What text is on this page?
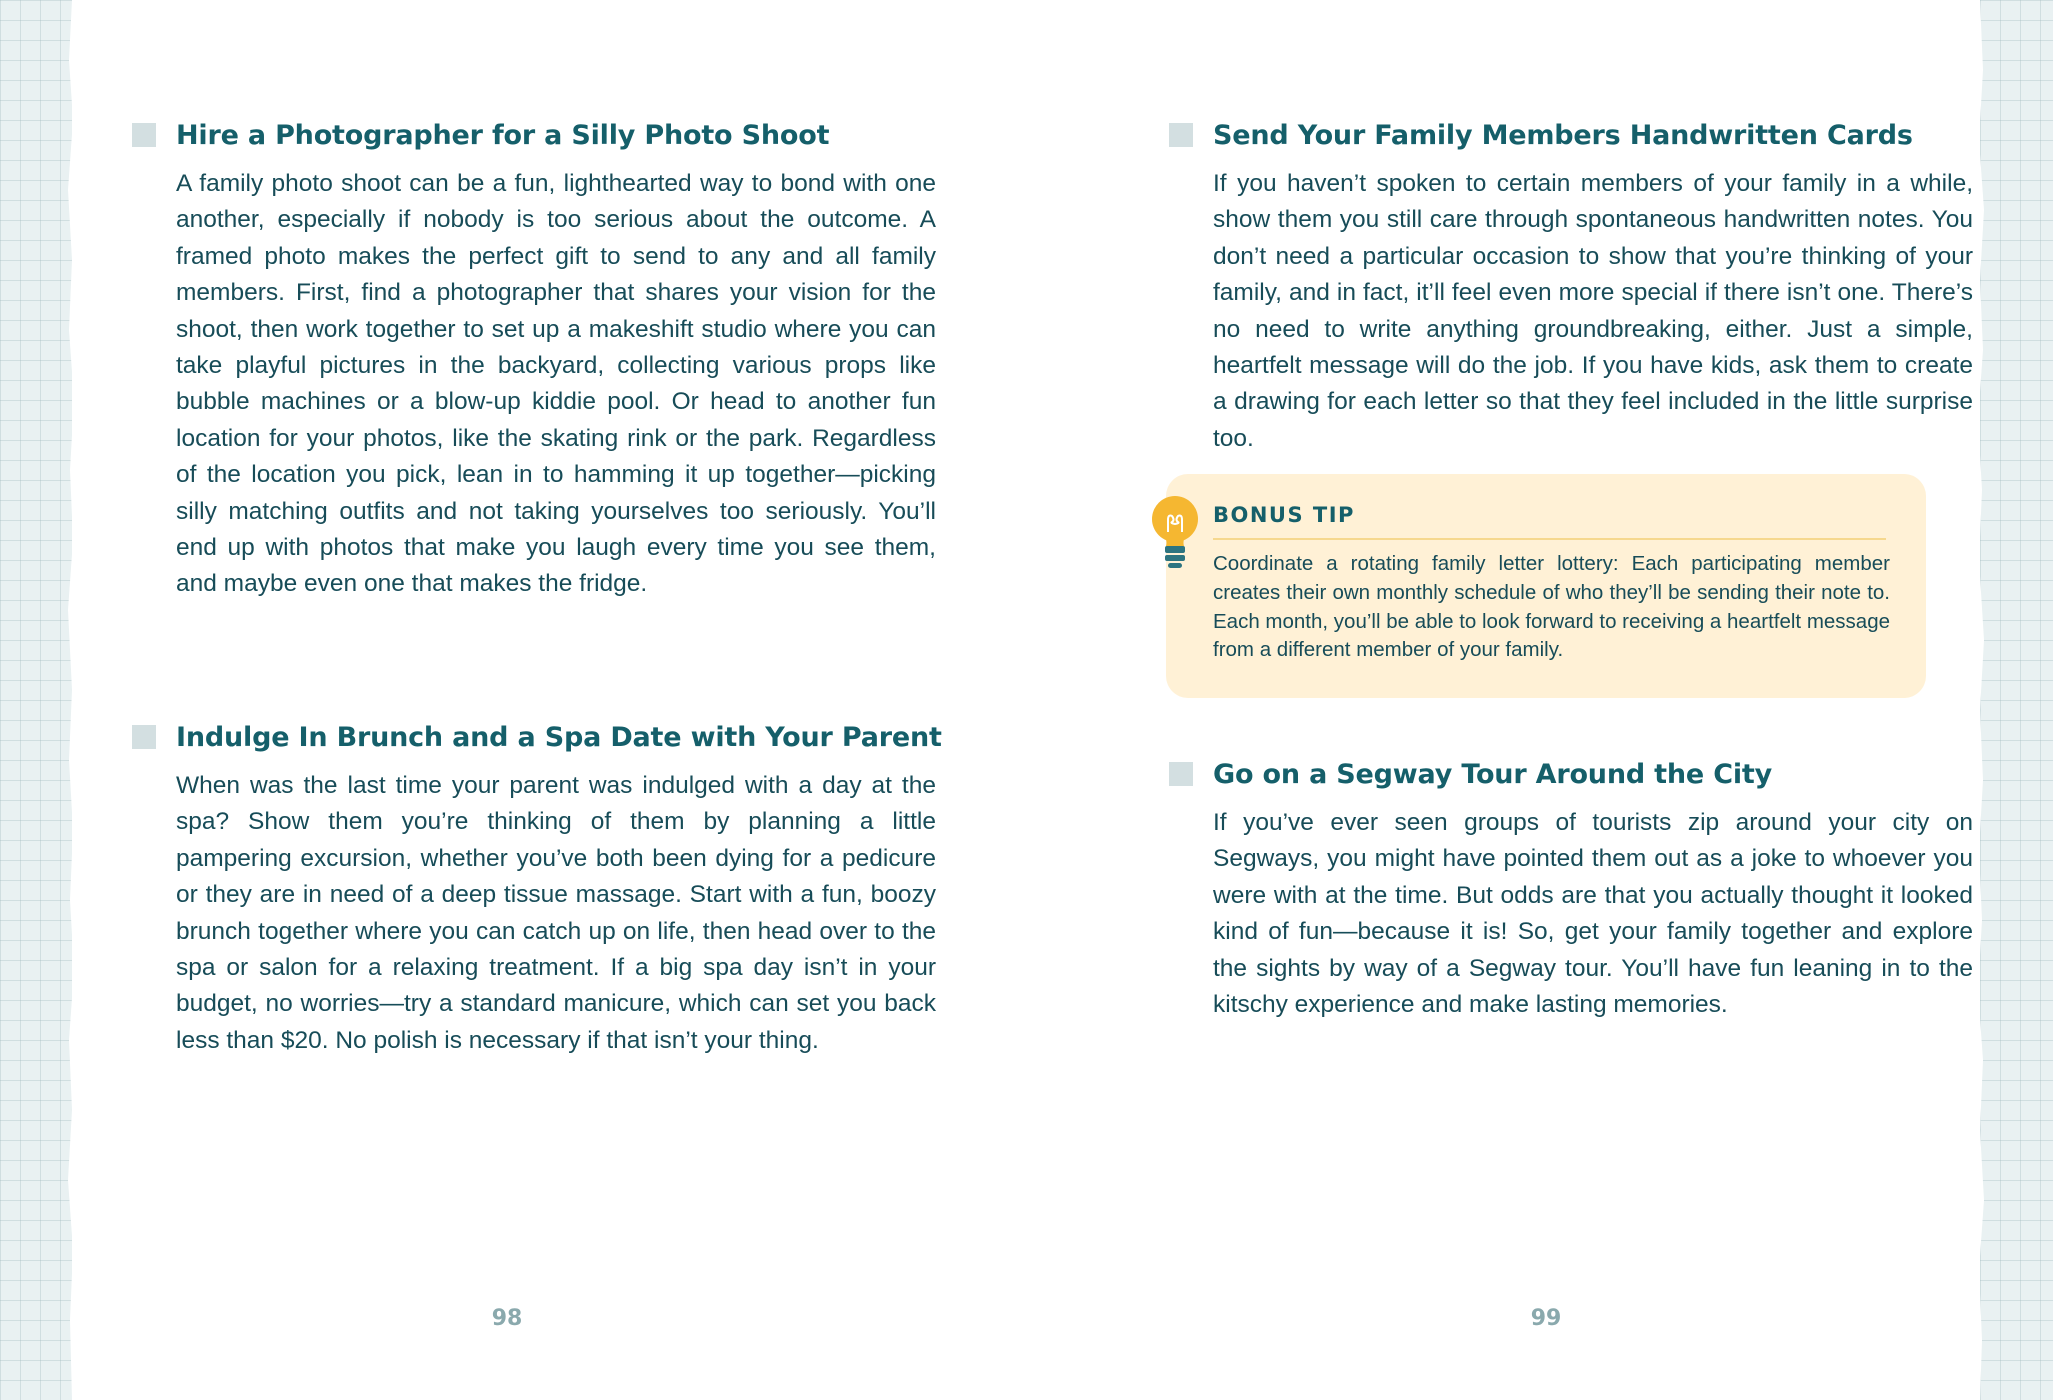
Hire a Photographer for a Silly Photo Shoot

A family photo shoot can be a fun, lighthearted way to bond with one another, especially if nobody is too serious about the outcome. A framed photo makes the perfect gift to send to any and all family members. First, find a photographer that shares your vision for the shoot, then work together to set up a makeshift studio where you can take playful pictures in the backyard, collecting various props like bubble machines or a blow-up kiddie pool. Or head to another fun location for your photos, like the skating rink or the park. Regardless of the location you pick, lean in to hamming it up together—picking silly matching outfits and not taking yourselves too seriously. You’ll end up with photos that make you laugh every time you see them, and maybe even one that makes the fridge.

Indulge In Brunch and a Spa Date with Your Parent

When was the last time your parent was indulged with a day at the spa? Show them you’re thinking of them by planning a little pampering excursion, whether you’ve both been dying for a pedicure or they are in need of a deep tissue massage. Start with a fun, boozy brunch together where you can catch up on life, then head over to the spa or salon for a relaxing treatment. If a big spa day isn’t in your budget, no worries—try a standard manicure, which can set you back less than $20. No polish is necessary if that isn’t your thing.

98
Send Your Family Members Handwritten Cards

If you haven’t spoken to certain members of your family in a while, show them you still care through spontaneous handwritten notes. You don’t need a particular occasion to show that you’re thinking of your family, and in fact, it’ll feel even more special if there isn’t one. There’s no need to write anything groundbreaking, either. Just a simple, heartfelt message will do the job. If you have kids, ask them to create a drawing for each letter so that they feel included in the little surprise too.

BONUS TIP

Coordinate a rotating family letter lottery: Each participating member creates their own monthly schedule of who they’ll be sending their note to. Each month, you’ll be able to look forward to receiving a heartfelt message from a different member of your family.

Go on a Segway Tour Around the City

If you’ve ever seen groups of tourists zip around your city on Segways, you might have pointed them out as a joke to whoever you were with at the time. But odds are that you actually thought it looked kind of fun—because it is! So, get your family together and explore the sights by way of a Segway tour. You’ll have fun leaning in to the kitschy experience and make lasting memories.

99
